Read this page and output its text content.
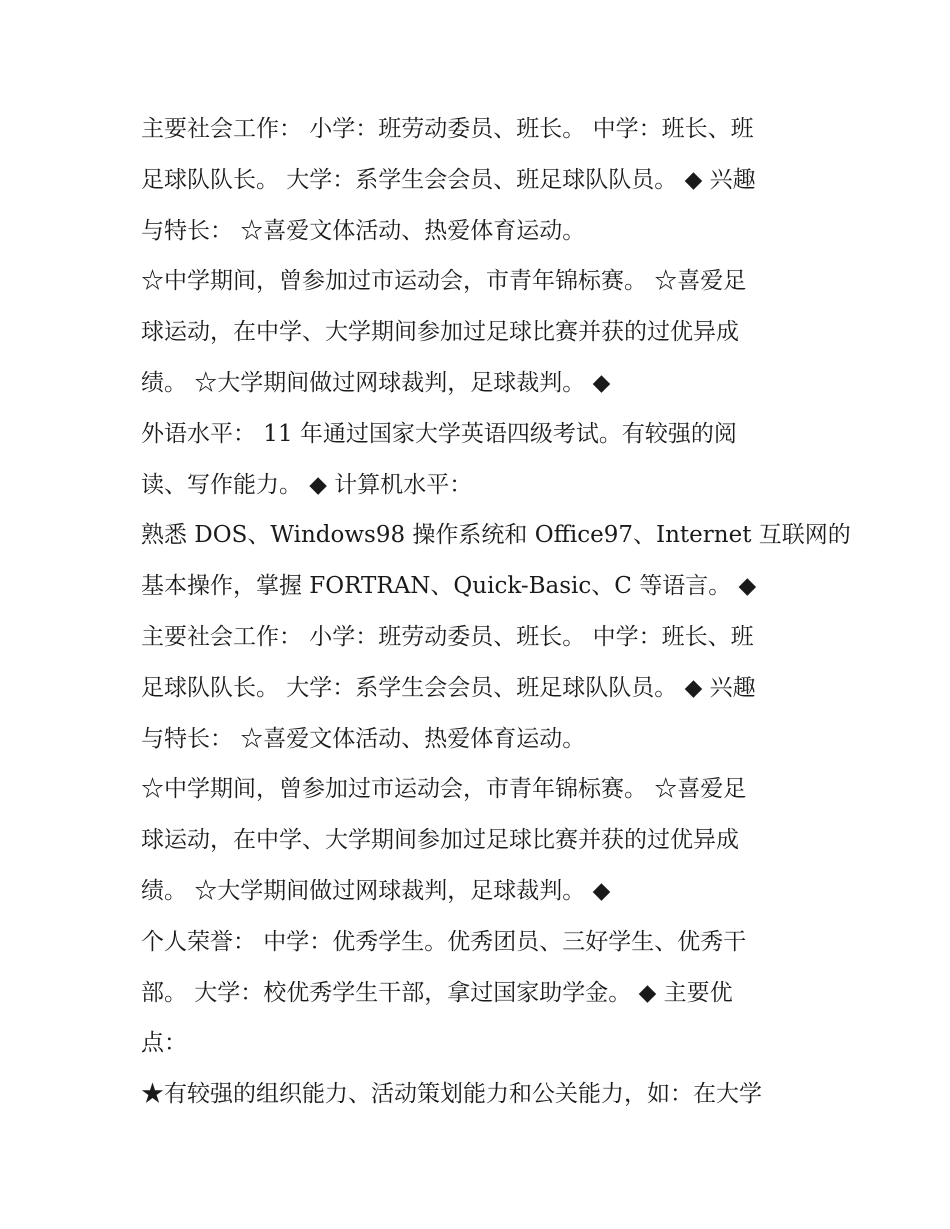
主要社会工作： 小学：班劳动委员、班长。 中学：班长、班
足球队队长。 大学：系学生会会员、班足球队队员。 ◆ 兴趣
与特长： ☆喜爱文体活动、热爱体育运动。
☆中学期间，曾参加过市运动会，市青年锦标赛。 ☆喜爱足
球运动，在中学、大学期间参加过足球比赛并获的过优异成
绩。 ☆大学期间做过网球裁判，足球裁判。 ◆
外语水平： 11 年通过国家大学英语四级考试。有较强的阅
读、写作能力。 ◆ 计算机水平：
熟悉 DOS、Windows98 操作系统和 Office97、Internet 互联网的
基本操作，掌握 FORTRAN、Quick-Basic、C 等语言。 ◆
主要社会工作： 小学：班劳动委员、班长。 中学：班长、班
足球队队长。 大学：系学生会会员、班足球队队员。 ◆ 兴趣
与特长： ☆喜爱文体活动、热爱体育运动。
☆中学期间，曾参加过市运动会，市青年锦标赛。 ☆喜爱足
球运动，在中学、大学期间参加过足球比赛并获的过优异成
绩。 ☆大学期间做过网球裁判，足球裁判。 ◆
个人荣誉： 中学：优秀学生。优秀团员、三好学生、优秀干
部。 大学：校优秀学生干部，拿过国家助学金。 ◆ 主要优
点：
★有较强的组织能力、活动策划能力和公关能力，如：在大学
